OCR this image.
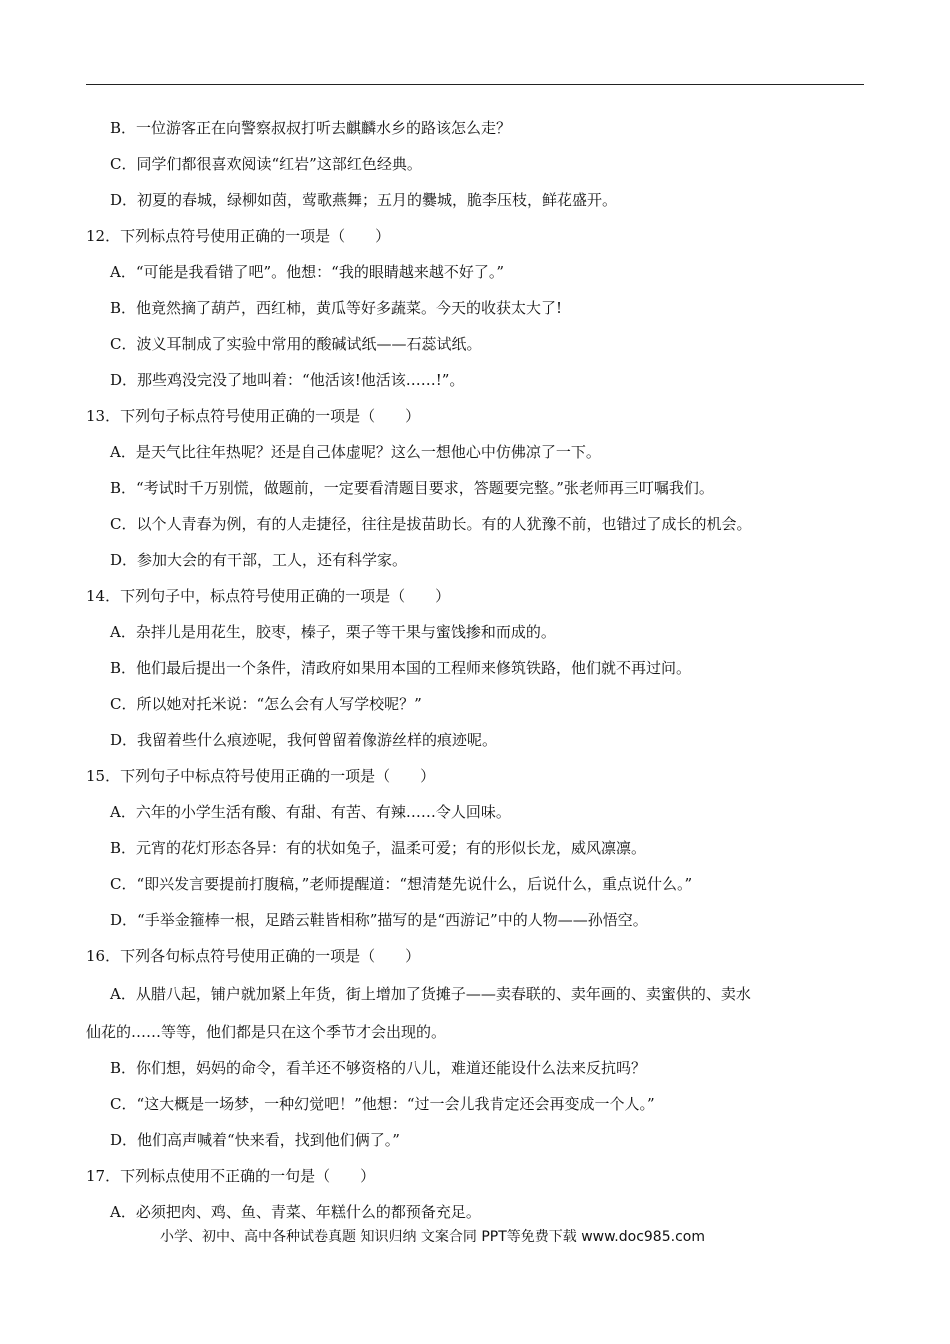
B．一位游客正在向警察叔叔打听去麒麟水乡的路该怎么走？
C．同学们都很喜欢阅读“红岩”这部红色经典。
D．初夏的春城，绿柳如茵，莺歌燕舞；五月的爨城，脆李压枝，鲜花盛开。
12．下列标点符号使用正确的一项是（　　）
A．“可能是我看错了吧”。他想：“我的眼睛越来越不好了。”
B．他竟然摘了葫芦，西红柿，黄瓜等好多蔬菜。今天的收获太大了!
C．波义耳制成了实验中常用的酸碱试纸——石蕊试纸。
D．那些鸡没完没了地叫着：“他活该!他活该……!”。
13．下列句子标点符号使用正确的一项是（　　）
A．是天气比往年热呢？还是自己体虚呢？这么一想他心中仿佛凉了一下。
B．“考试时千万别慌，做题前，一定要看清题目要求，答题要完整。”张老师再三叮嘱我们。
C．以个人青春为例，有的人走捷径，往往是拔苗助长。有的人犹豫不前，也错过了成长的机会。
D．参加大会的有干部，工人，还有科学家。
14．下列句子中，标点符号使用正确的一项是（　　）
A．杂拌儿是用花生，胶枣，榛子，栗子等干果与蜜饯掺和而成的。
B．他们最后提出一个条件，清政府如果用本国的工程师来修筑铁路，他们就不再过问。
C．所以她对托米说：“怎么会有人写学校呢？”
D．我留着些什么痕迹呢，我何曾留着像游丝样的痕迹呢。
15．下列句子中标点符号使用正确的一项是（　　）
A．六年的小学生活有酸、有甜、有苦、有辣……令人回味。
B．元宵的花灯形态各异：有的状如兔子，温柔可爱；有的形似长龙，威风凛凛。
C．“即兴发言要提前打腹稿，”老师提醒道：“想清楚先说什么，后说什么，重点说什么。”
D．“手举金箍棒一根，足踏云鞋皆相称”描写的是“西游记”中的人物——孙悟空。
16．下列各句标点符号使用正确的一项是（　　）
A．从腊八起，铺户就加紧上年货，街上增加了货摊子——卖春联的、卖年画的、卖蜜供的、卖水
仙花的……等等，他们都是只在这个季节才会出现的。
B．你们想，妈妈的命令，看羊还不够资格的八儿，难道还能设什么法来反抗吗？
C．“这大概是一场梦，一种幻觉吧！”他想：“过一会儿我肯定还会再变成一个人。”
D．他们高声喊着“快来看，找到他们俩了。”
17．下列标点使用不正确的一句是（　　）
A．必须把肉、鸡、鱼、青菜、年糕什么的都预备充足。
小学、初中、高中各种试卷真题 知识归纳 文案合同 PPT等免费下载 www.doc985.com
